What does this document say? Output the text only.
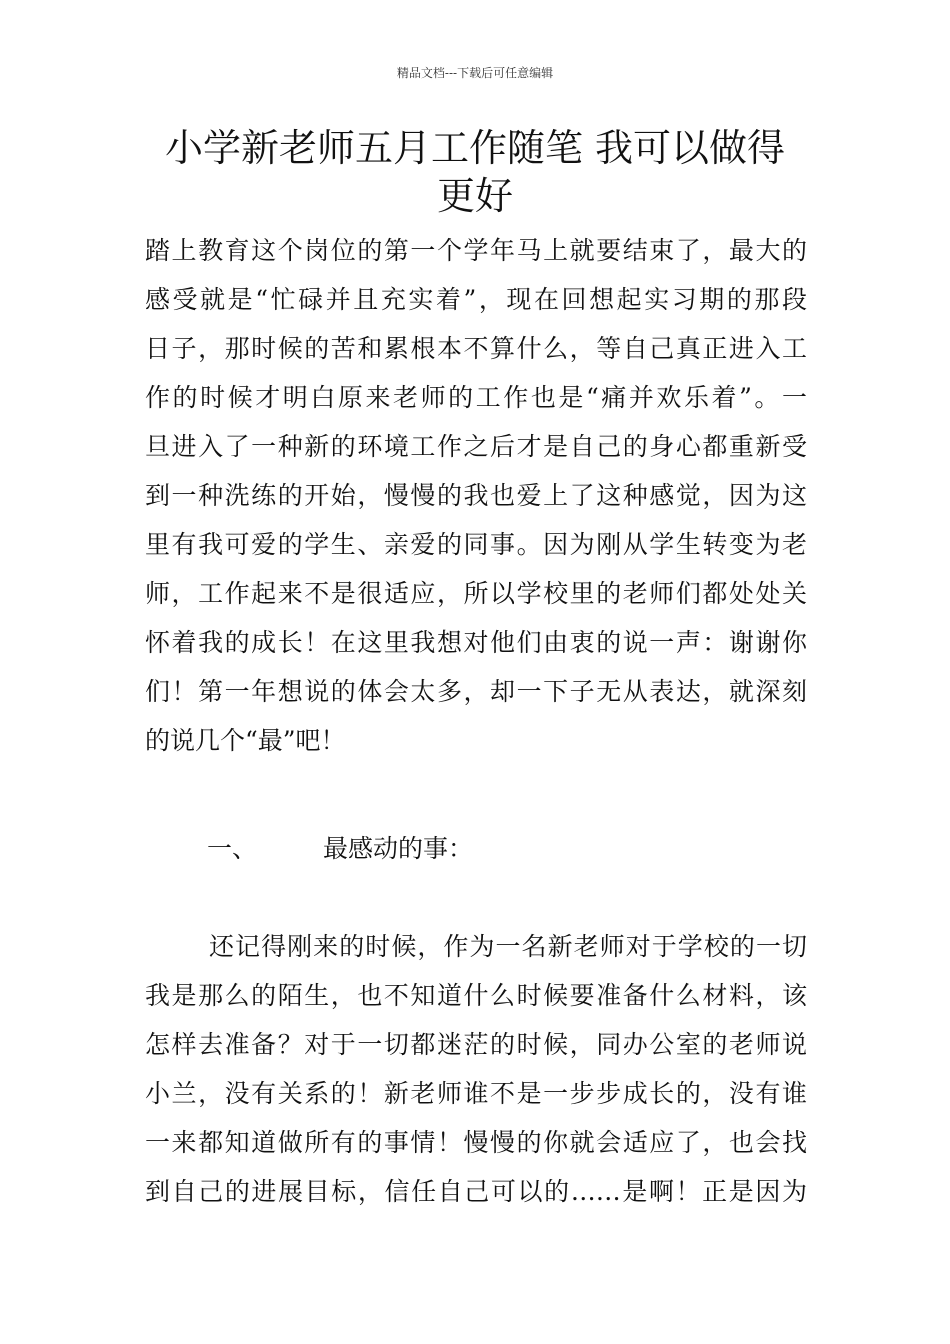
精品文档---下载后可任意编辑
小学新老师五月工作随笔 我可以做得
更好
踏上教育这个岗位的第一个学年马上就要结束了，最大的
感受就是“忙碌并且充实着”，现在回想起实习期的那段
日子，那时候的苦和累根本不算什么，等自己真正进入工
作的时候才明白原来老师的工作也是“痛并欢乐着”。一
旦进入了一种新的环境工作之后才是自己的身心都重新受
到一种洗练的开始，慢慢的我也爱上了这种感觉，因为这
里有我可爱的学生、亲爱的同事。因为刚从学生转变为老
师，工作起来不是很适应，所以学校里的老师们都处处关
怀着我的成长！在这里我想对他们由衷的说一声：谢谢你
们！第一年想说的体会太多，却一下子无从表达，就深刻
的说几个“最”吧！
一、	最感动的事：
还记得刚来的时候，作为一名新老师对于学校的一切
我是那么的陌生，也不知道什么时候要准备什么材料，该
怎样去准备？对于一切都迷茫的时候，同办公室的老师说
小兰，没有关系的！新老师谁不是一步步成长的，没有谁
一来都知道做所有的事情！慢慢的你就会适应了，也会找
到自己的进展目标，信任自己可以的……是啊！正是因为
